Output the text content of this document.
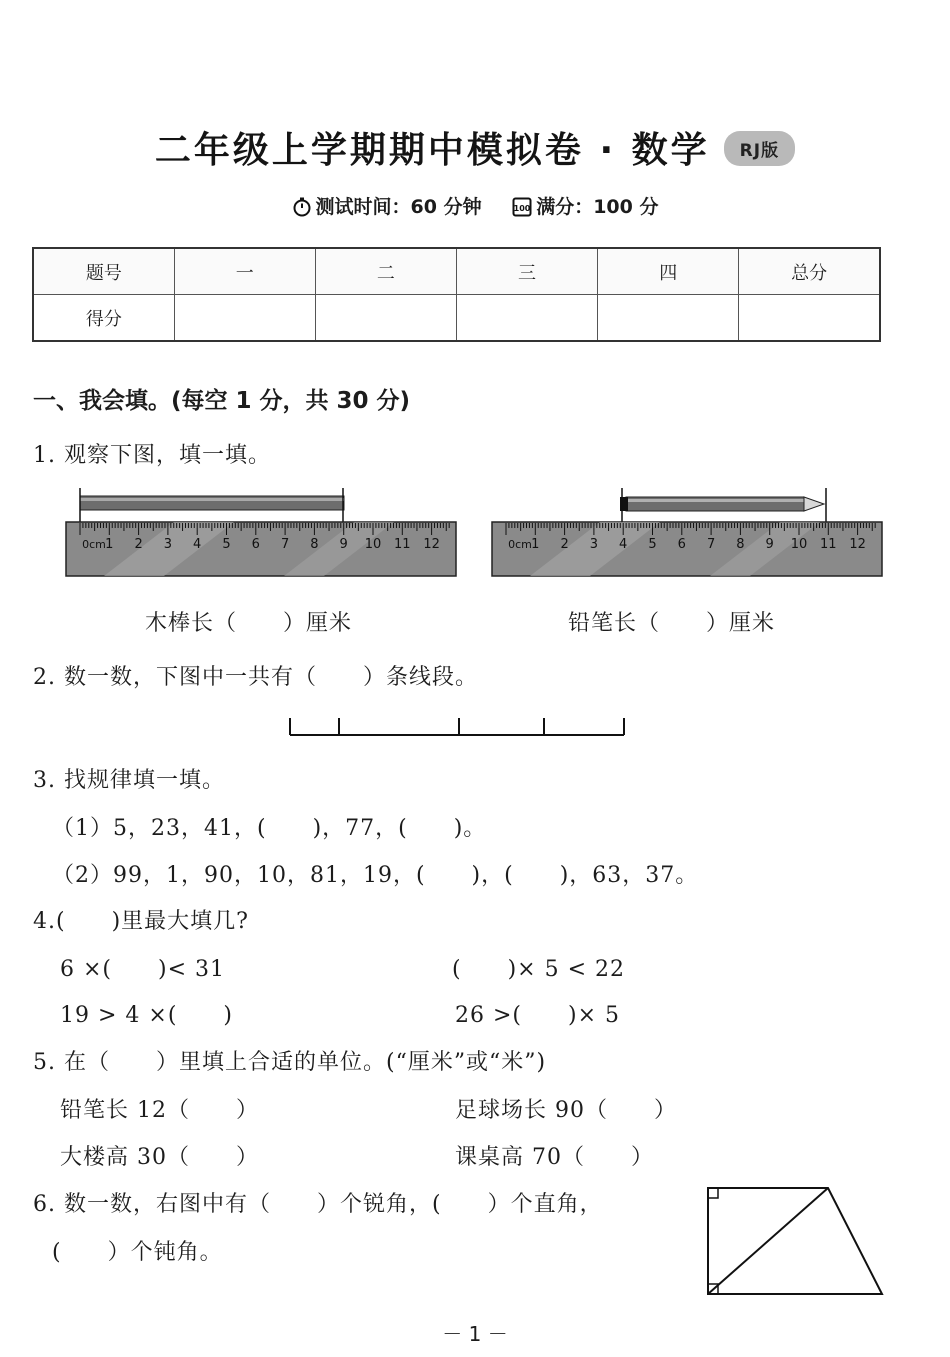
二年级上学期期中模拟卷 · 数学 RJ版
测试时间：60 分钟	100 满分：100 分
题号	一	二	三	四	总分
得分					
一、我会填。(每空 1 分，共 30 分)
1. 观察下图，填一填。
0cm 1 2 3 4 5 6 7 8 9 10 11 12	0cm 1 2 3 4 5 6 7 8 9 10 11 12
木棒长（　　）厘米	铅笔长（　　）厘米
2. 数一数，下图中一共有（　　）条线段。
3. 找规律填一填。
（1）5，23，41，(　　)，77，(　　)。
（2）99，1，90，10，81，19，(　　)，(　　)，63，37。
4.(　　)里最大填几?
6 ×(　　)< 31	(　　)× 5 < 22
19 > 4 ×(　　)	26 >(　　)× 5
5. 在（　　）里填上合适的单位。(“厘米”或“米”)
铅笔长 12（　　）	足球场长 90（　　）
大楼高 30（　　）	课桌高 70（　　）
6. 数一数，右图中有（　　）个锐角，(　　）个直角，
(　　）个钝角。
－ 1 －
